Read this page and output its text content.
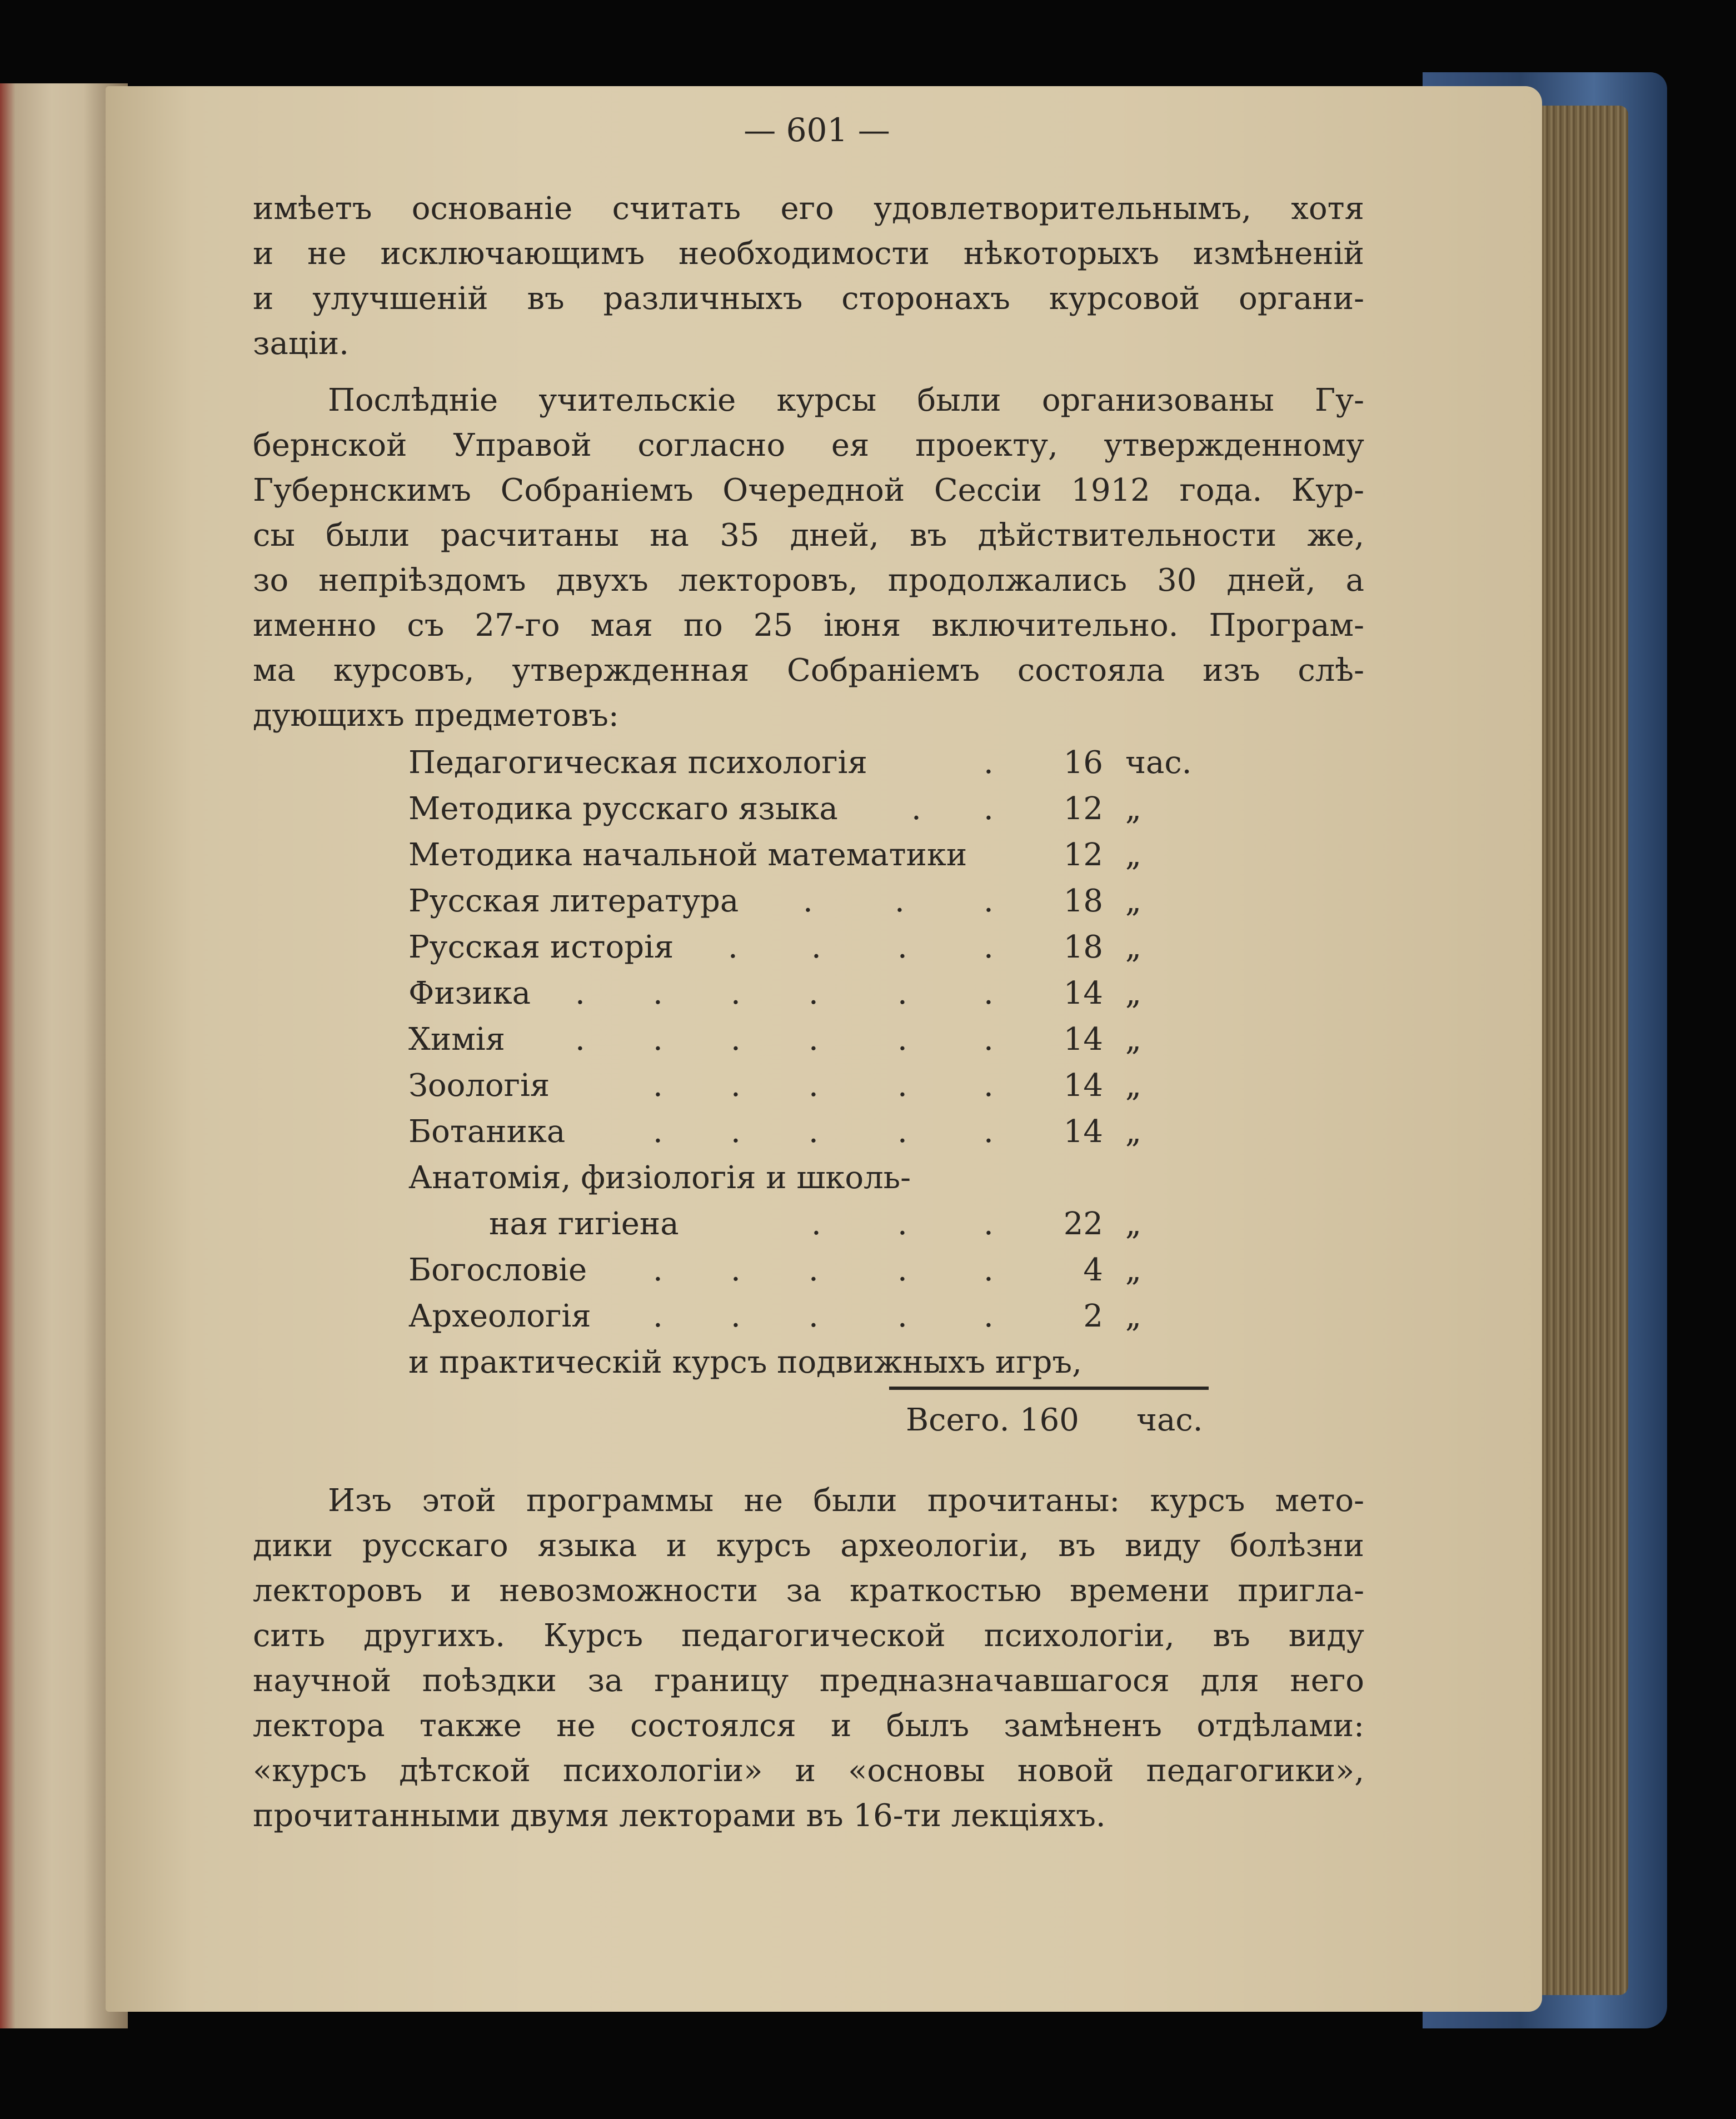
— 601 —
имѣетъ основаніе считать его удовлетворительнымъ, хотя
и не исключающимъ необходимости нѣкоторыхъ измѣненій
и улучшеній въ различныхъ сторонахъ курсовой органи-
заціи.
Послѣдніе учительскіе курсы были организованы Гу-
бернской Управой согласно ея проекту, утвержденному
Губернскимъ Собраніемъ Очередной Сессіи 1912 года. Кур-
сы были расчитаны на 35 дней, въ дѣйствительности же,
зо непріѣздомъ двухъ лекторовъ, продолжались 30 дней, а
именно съ 27-го мая по 25 іюня включительно. Програм-
ма курсовъ, утвержденная Собраніемъ состояла изъ слѣ-
дующихъ предметовъ:
Педагогическая психологія	. 16 час.
Методика русскаго языка . . 12 „
Методика начальной математики	12 „
Русская литература .	.	. 18 „
Русская исторія . . . . 18 „
Физика . . . .	. . 14 „
Химія . . . .	. . 14 „
Зоологія	. . .	. . 14 „
Ботаника	. . .	. . 14 „
Анатомія, физіологія и школь-
ная гигіена	. . . 22 „
Богословіе . . .	. .	4 „
Археологія . . .	. .	2 „
и практическій курсъ подвижныхъ игръ,
Всего. 160 час.
Изъ этой программы не были прочитаны: курсъ мето-
дики русскаго языка и курсъ археологіи, въ виду болѣзни
лекторовъ и невозможности за краткостью времени пригла-
сить другихъ. Курсъ педагогической психологіи, въ виду
научной поѣздки за границу предназначавшагося для него
лектора также не состоялся и былъ замѣненъ отдѣлами:
«курсъ дѣтской психологіи» и «основы новой педагогики»,
прочитанными двумя лекторами въ 16-ти лекціяхъ.
